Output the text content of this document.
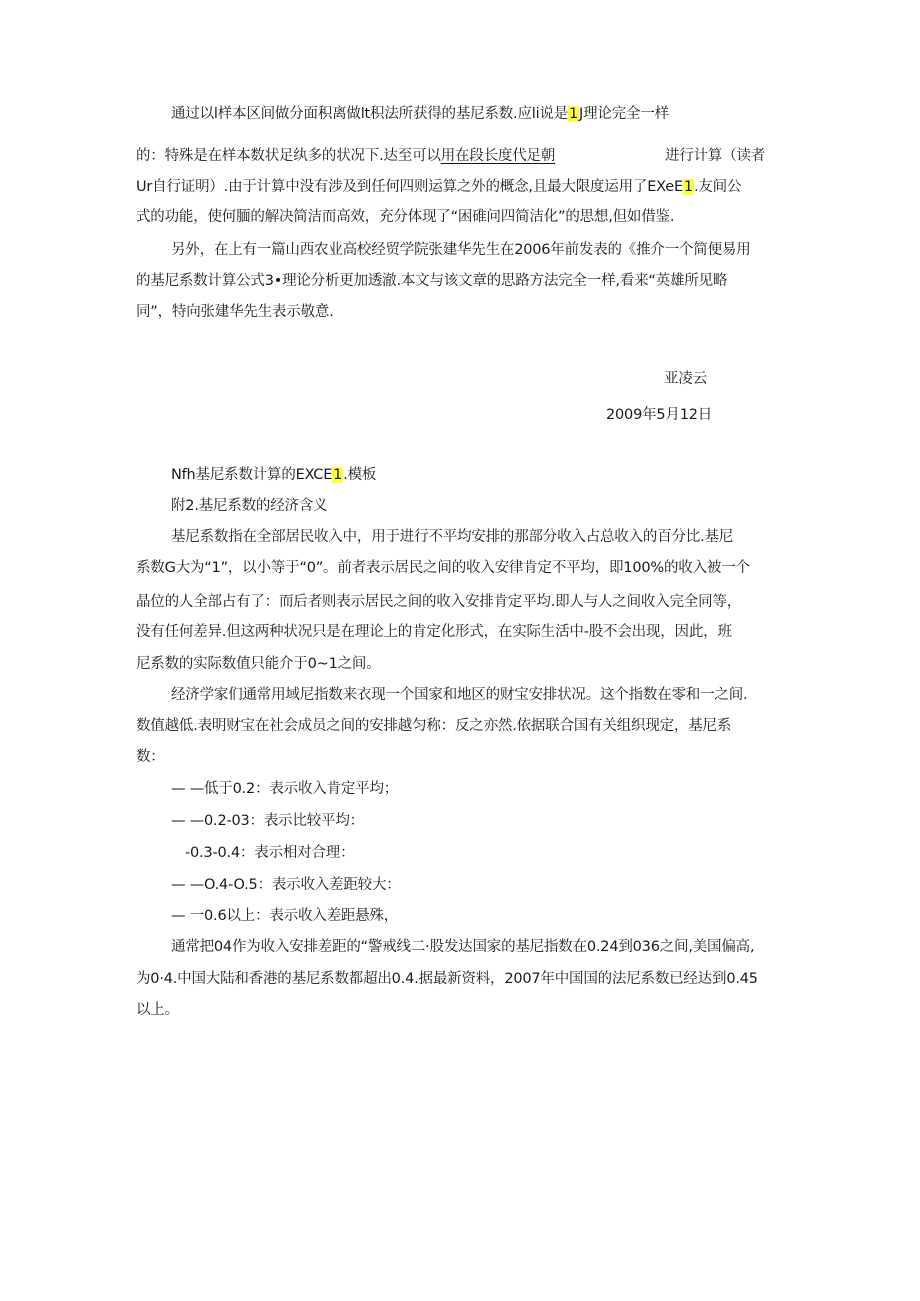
通过以l样本区间做分面积离做lt积法所获得的基尼系数.应li说是1J理论完全一样
的：特殊是在样本数状足纨多的状况下.达至可以用在段长度代足朝	进行计算（读者
Ur自行证明）.由于计算中没有涉及到任何四则运算之外的概念,且最大限度运用了EXeE1.友间公
式的功能，使何腼的解决简洁而高效，充分体现了“困碓问四简洁化”的思想,但如借鉴.
另外，在上有一篇山西农业高校经贸学院张建华先生在2006年前发表的《推介一个简便易用
的基尼系数计算公式3•理论分析更加透澈.本文与该文章的思路方法完全一样,看来“英雄所见略
同”，特向张建华先生表示敬意.
亚凌云
2009年5月12日
Nfh基尼系数计算的EXCE1.模板
附2.基尼系数的经济含义
基尼系数指在全部居民收入中，用于进行不平均安排的那部分收入占总收入的百分比.基尼
系数G大为“1”，以小等于“0”。前者表示居民之间的收入安律肯定不平均，即100%的收入被一个
晶位的人全部占有了：而后者则表示居民之间的收入安排肯定平均.即人与人之间收入完全同等，
没有任何差异.但这两种状况只是在理论上的肯定化形式，在实际生活中-股不会出现，因此，班
尼系数的实际数值只能介于0~1之间。
经济学家们通常用域尼指数来衣现一个国家和地区的财宝安排状况。这个指数在零和一之间.
数值越低.表明财宝在社会成员之间的安排越匀称：反之亦然.依据联合国有关组织现定，基尼系
数：
— —低于0.2：表示收入肯定平均；
— —0.2-03：表示比较平均：
-0.3-0.4：表示相对合理：
— —O.4-O.5：表示收入差距较大：
— 一0.6以上：表示收入差距悬殊，
通常把04作为收入安排差距的“警戒线二·股发达国家的基尼指数在0.24到036之间,美国偏高,
为0·4.中国大陆和香港的基尼系数都超出0.4.据最新资料，2007年中国国的法尼系数已经达到0.45
以上。
